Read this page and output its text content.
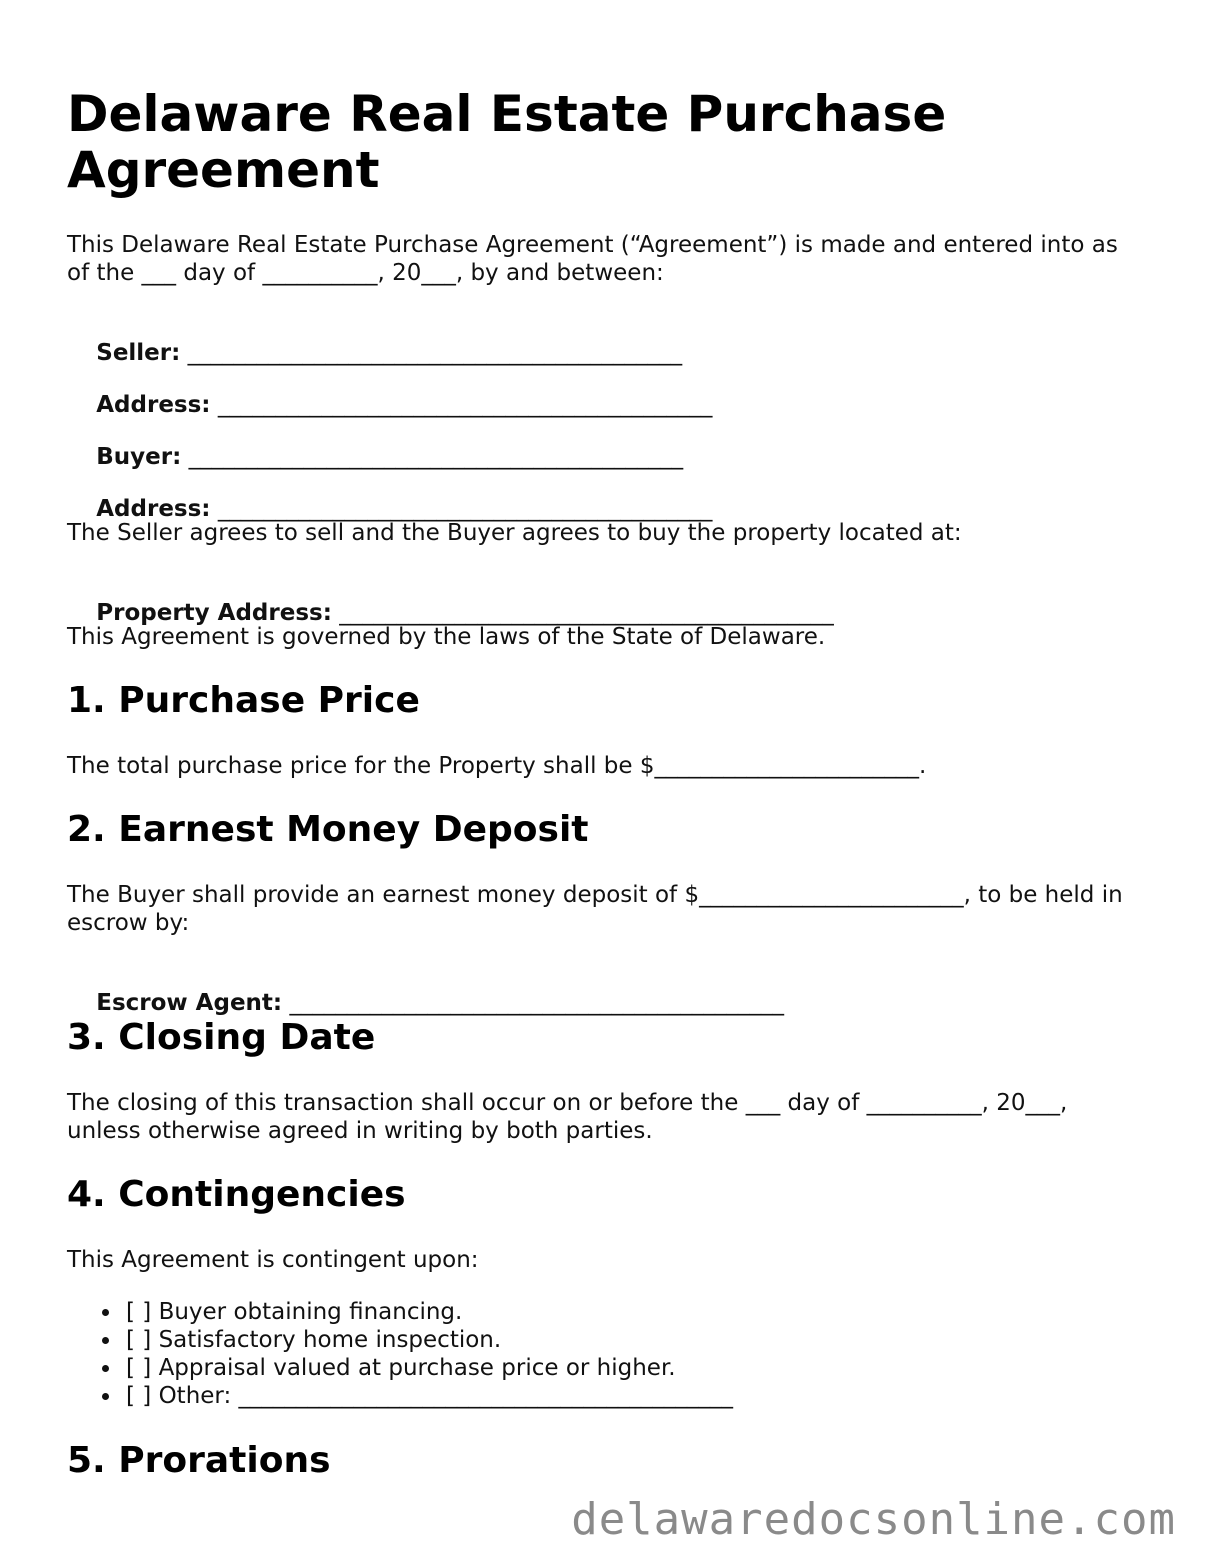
Delaware Real Estate Purchase Agreement
This Delaware Real Estate Purchase Agreement (“Agreement”) is made and entered into as of the ___ day of __________, 20___, by and between:

Seller: ___________________________________________

Address: ___________________________________________

Buyer: ___________________________________________

Address: ___________________________________________

The Seller agrees to sell and the Buyer agrees to buy the property located at:

Property Address: ___________________________________________

This Agreement is governed by the laws of the State of Delaware.
1. Purchase Price
The total purchase price for the Property shall be $_______________________.
2. Earnest Money Deposit
The Buyer shall provide an earnest money deposit of $_______________________, to be held in escrow by:

Escrow Agent: ___________________________________________

3. Closing Date
The closing of this transaction shall occur on or before the ___ day of __________, 20___, unless otherwise agreed in writing by both parties.
4. Contingencies
This Agreement is contingent upon:
[ ] Buyer obtaining financing.
[ ] Satisfactory home inspection.
[ ] Appraisal valued at purchase price or higher.
[ ] Other: ___________________________________________
5. Prorations
delawaredocsonline.com
